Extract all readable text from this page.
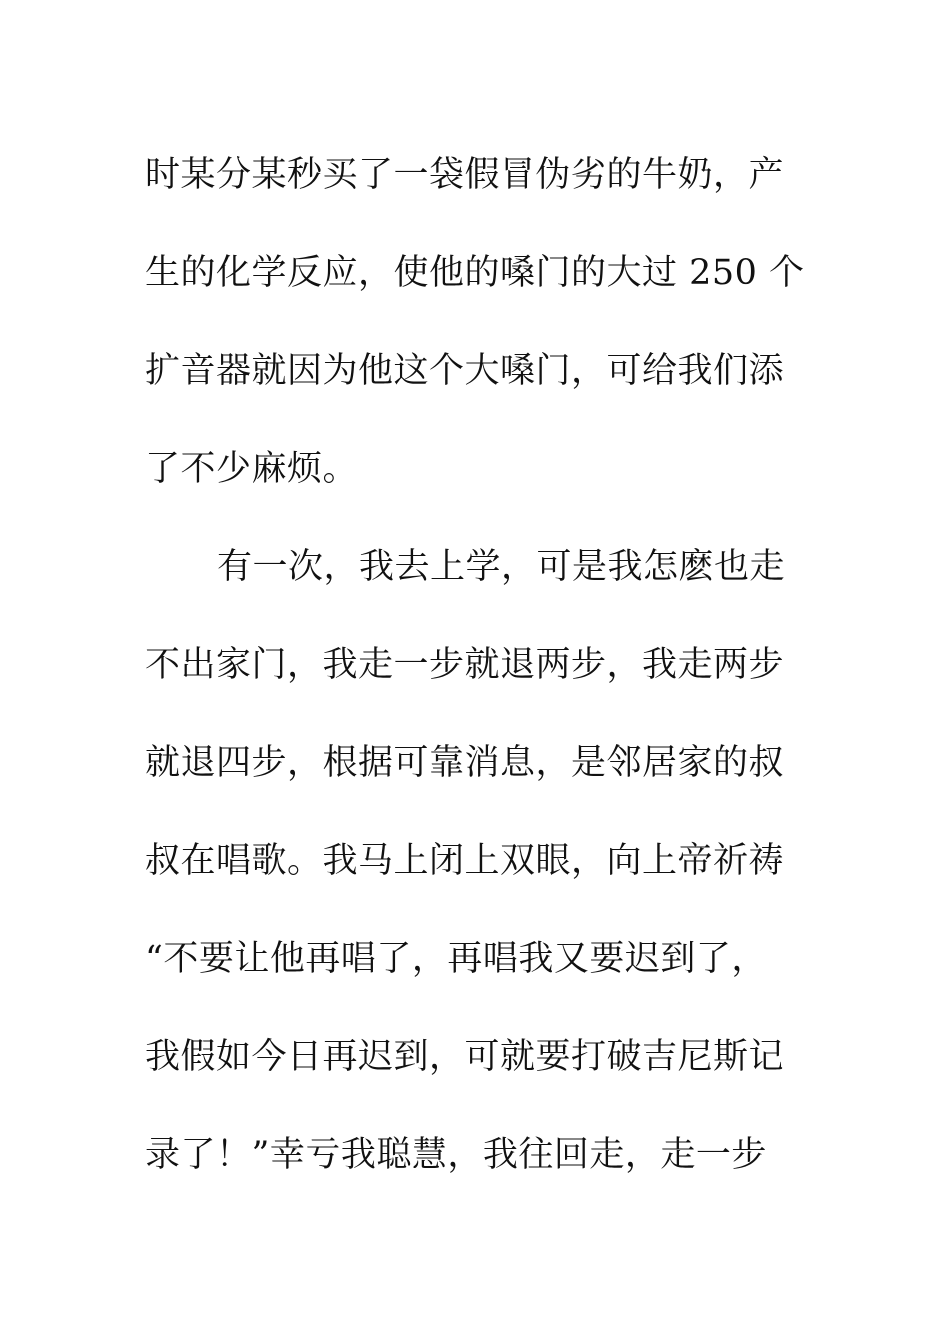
时某分某秒买了一袋假冒伪劣的牛奶，产
生的化学反应，使他的嗓门的大过 250 个
扩音器就因为他这个大嗓门，可给我们添
了不少麻烦。
有一次，我去上学，可是我怎麽也走
不出家门，我走一步就退两步，我走两步
就退四步，根据可靠消息，是邻居家的叔
叔在唱歌。我马上闭上双眼，向上帝祈祷
“不要让他再唱了，再唱我又要迟到了，
我假如今日再迟到，可就要打破吉尼斯记
录了！”幸亏我聪慧，我往回走，走一步
